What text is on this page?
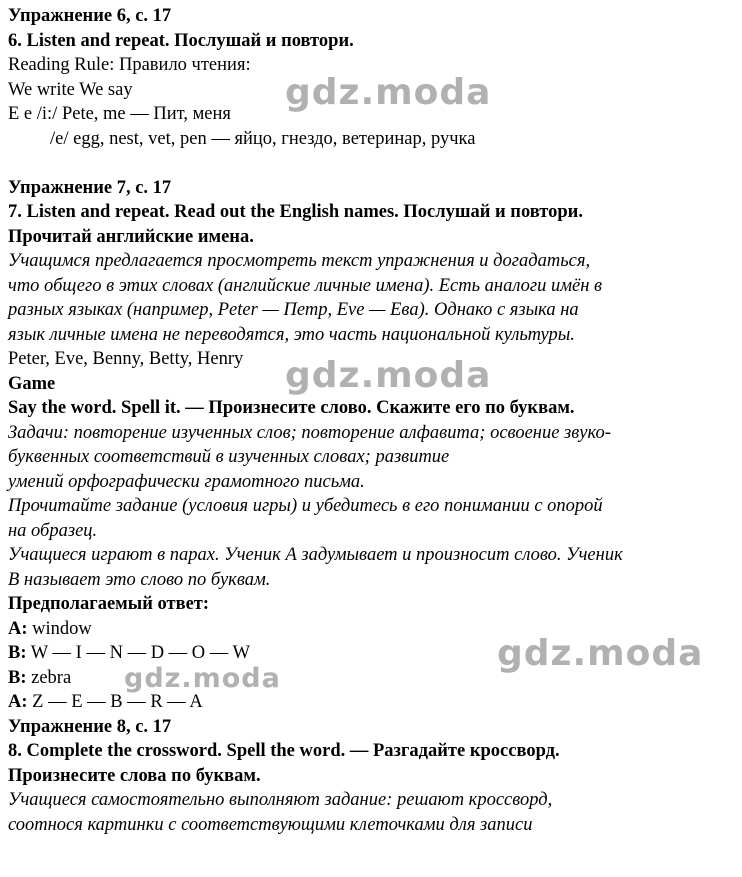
Упражнение 6, с. 17
6. Listen and repeat. Послушай и повтори.
Reading Rule: Правило чтения:
We write We say
E e /i:/ Pete, me — Пит, меня
/e/ egg, nest, vet, pen — яйцо, гнездо, ветеринар, ручка
Упражнение 7, с. 17
7. Listen and repeat. Read out the English names. Послушай и повтори.
Прочитай английские имена.
Учащимся предлагается просмотреть текст упражнения и догадаться,
что общего в этих словах (английские личные имена). Есть аналоги имён в
разных языках (например, Peter — Петр, Eve — Ева). Однако с языка на
язык личные имена не переводятся, это часть национальной культуры.
Peter, Eve, Benny, Betty, Henry
Game
Say the word. Spell it. — Произнесите слово. Скажите его по буквам.
Задачи: повторение изученных слов; повторение алфавита; освоение звуко-
буквенных соответствий в изученных словах; развитие
умений орфографически грамотного письма.
Прочитайте задание (условия игры) и убедитесь в его понимании с опорой
на образец.
Учащиеся играют в парах. Ученик А задумывает и произносит слово. Ученик
В называет это слово по буквам.
Предполагаемый ответ:
A: window
B: W — I — N — D — O — W
B: zebra
A: Z — E — B — R — A
Упражнение 8, с. 17
8. Complete the crossword. Spell the word. — Разгадайте кроссворд.
Произнесите слова по буквам.
Учащиеся самостоятельно выполняют задание: решают кроссворд,
соотнося картинки с соответствующими клеточками для записи
gdz.moda
gdz.moda
gdz.moda
gdz.moda
